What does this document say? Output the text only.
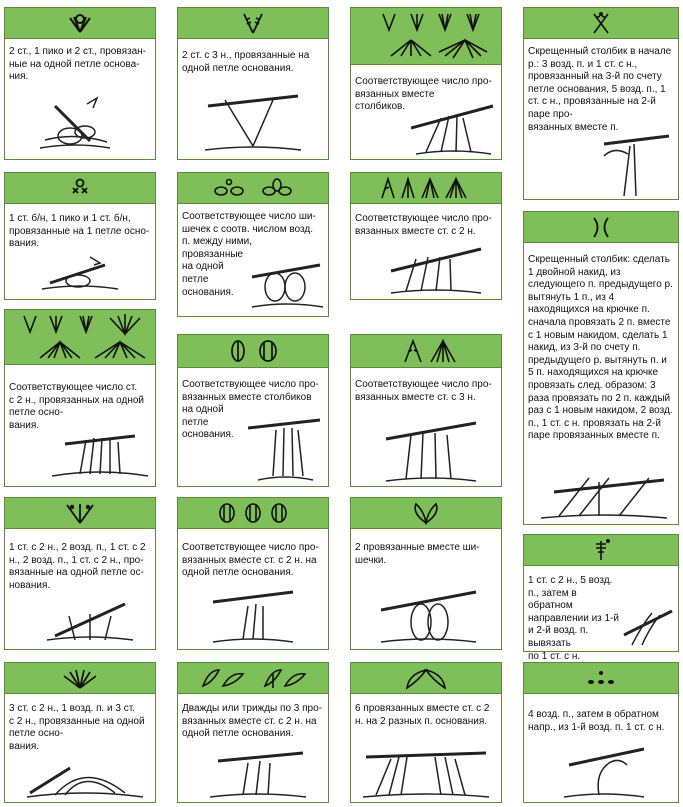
2 ст., 1 пико и 2 ст., провязан-
ные на одной петле основа-
ния.
1 ст. б/н, 1 пико и 1 ст. б/н, провязанные на 1 петле осно-
вания.
Соответствующее число ст.
с 2 н., провязанных на одной
петле осно-
вания.
1 ст. с 2 н., 2 возд. п., 1 ст. с 2
н., 2 возд. п., 1 ст. с 2 н., про-
вязанные на одной петле ос-
нования.
3 ст. с 2 н., 1 возд. п. и 3 ст.
с 2 н., провязанные на одной
петле осно-
вания.
2 ст. с 3 н., провязанные на
одной петле основания.
Соответствующее число ши-
шечек с соотв. числом возд.
п. между ними,
провязанные
на одной
петле
основания.
Соответствующее число про-
вязанных вместе столбиков
на одной
петле
основания.
Соответствующее число про-
вязанных вместе ст. с 2 н. на
одной петле основания.
Дважды или трижды по 3 про-
вязанных вместе ст. с 2 н. на
одной петле основания.
Соответствующее число про-
вязанных вместе
столбиков.
Соответствующее число про-
вязанных вместе ст. с 2 н.
Соответствующее число про-
вязанных вместе ст. с 3 н.
2 провязанные вместе ши-
шечки.
6 провязанных вместе ст. с 2
н. на 2 разных п. основания.
Скрещенный столбик в начале р.: 3 возд. п. и 1 ст. с н., провязанный на 3-й по счету петле основания, 5 возд. п., 1 ст. с н., провязанные на 2-й паре про-
вязанных вместе п.
Скрещенный столбик: сделать 1 двойной накид, из следующего п. предыдущего р. вытянуть 1 п., из 4 находящихся на крючке п. сначала провязать 2 п. вместе с 1 новым накидом, сделать 1 накид, из 3-й по счету п. предыдущего р. вытянуть п. и 5 п. находящихся на крючке провязать след. образом: 3 раза провязать по 2 п. каждый раз с 1 новым накидом, 2 возд. п., 1 ст. с н. провязать на 2-й паре провязанных вместе п.
1 ст. с 2 н., 5 возд. п., затем в обратном направлении из 1-й и 2-й возд. п. вывязать
по 1 ст. с н.
4 возд. п., затем в обратном
напр., из 1-й возд. п. 1 ст. с н.
